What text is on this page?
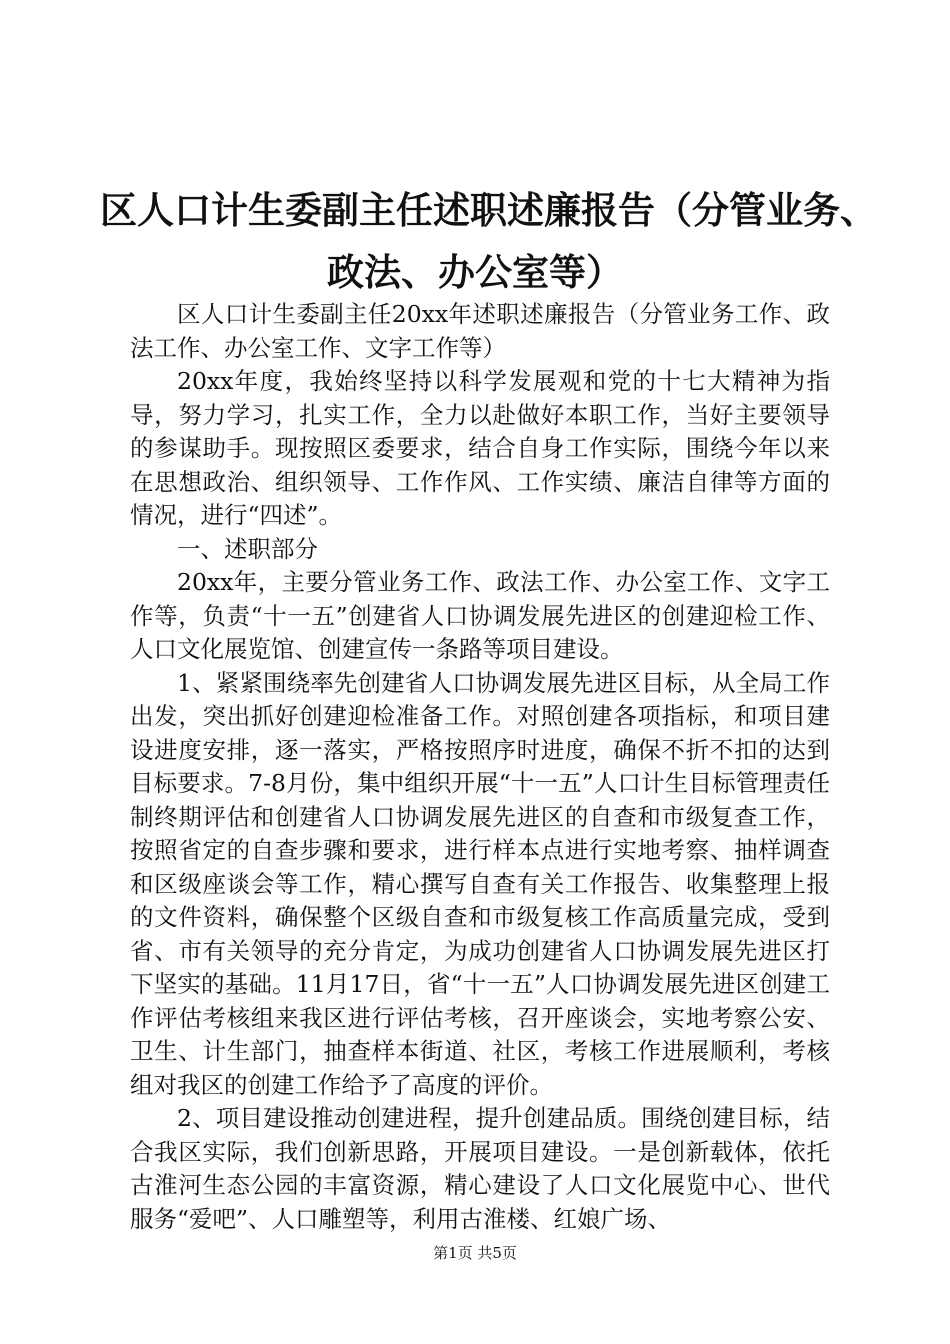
区人口计生委副主任述职述廉报告（分管业务、
政法、办公室等）

区人口计生委副主任20xx年述职述廉报告（分管业务工作、政法工作、办公室工作、文字工作等）

20xx年度，我始终坚持以科学发展观和党的十七大精神为指导，努力学习，扎实工作，全力以赴做好本职工作，当好主要领导的参谋助手。现按照区委要求，结合自身工作实际，围绕今年以来在思想政治、组织领导、工作作风、工作实绩、廉洁自律等方面的情况，进行“四述”。

一、述职部分

20xx年，主要分管业务工作、政法工作、办公室工作、文字工作等，负责“十一五”创建省人口协调发展先进区的创建迎检工作、人口文化展览馆、创建宣传一条路等项目建设。

1、紧紧围绕率先创建省人口协调发展先进区目标，从全局工作出发，突出抓好创建迎检准备工作。对照创建各项指标，和项目建设进度安排，逐一落实，严格按照序时进度，确保不折不扣的达到目标要求。7-8月份，集中组织开展“十一五”人口计生目标管理责任制终期评估和创建省人口协调发展先进区的自查和市级复查工作，按照省定的自查步骤和要求，进行样本点进行实地考察、抽样调查和区级座谈会等工作，精心撰写自查有关工作报告、收集整理上报的文件资料，确保整个区级自查和市级复核工作高质量完成，受到省、市有关领导的充分肯定，为成功创建省人口协调发展先进区打下坚实的基础。11月17日，省“十一五”人口协调发展先进区创建工作评估考核组来我区进行评估考核，召开座谈会，实地考察公安、卫生、计生部门，抽查样本街道、社区，考核工作进展顺利，考核组对我区的创建工作给予了高度的评价。

2、项目建设推动创建进程，提升创建品质。围绕创建目标，结合我区实际，我们创新思路，开展项目建设。一是创新载体，依托古淮河生态公园的丰富资源，精心建设了人口文化展览中心、世代服务“爱吧”、人口雕塑等，利用古淮楼、红娘广场、

第1页 共5页
